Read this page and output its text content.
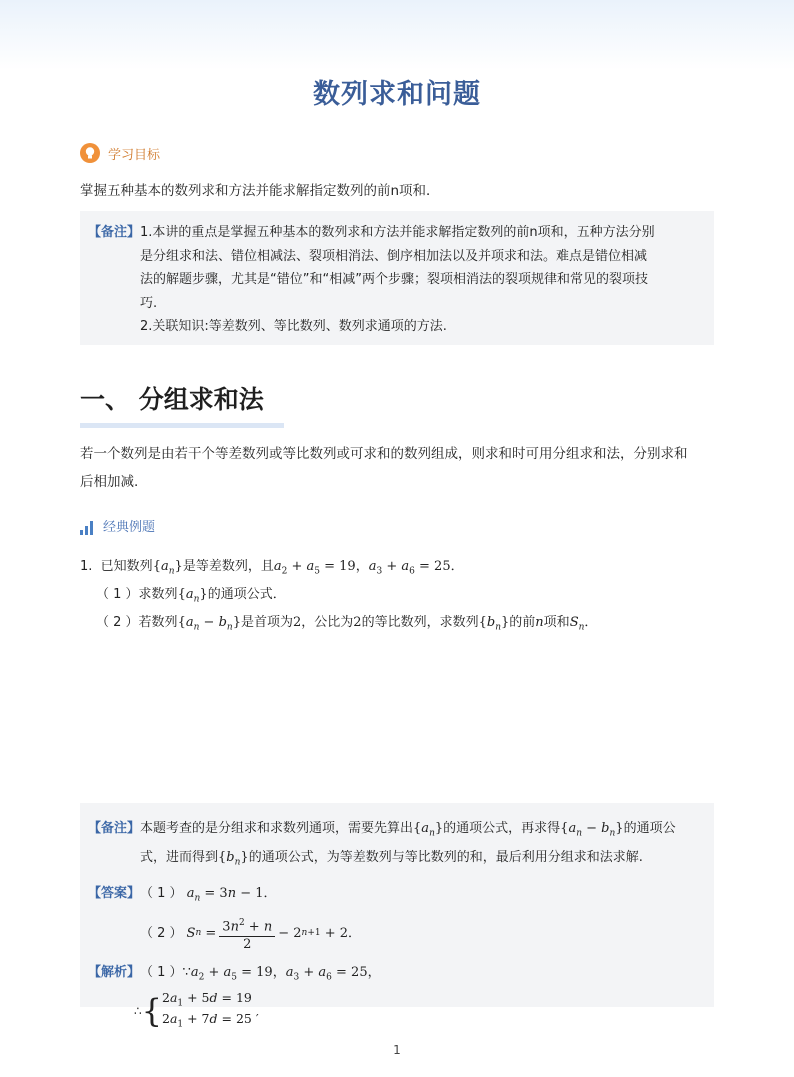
数列求和问题
学习目标
掌握五种基本的数列求和方法并能求解指定数列的前n项和．
【备注】 1.本讲的重点是掌握五种基本的数列求和方法并能求解指定数列的前n项和，五种方法分别
是分组求和法、错位相减法、裂项相消法、倒序相加法以及并项求和法。难点是错位相减
法的解题步骤，尤其是“错位”和“相减”两个步骤；裂项相消法的裂项规律和常见的裂项技
巧.
2.关联知识:等差数列、等比数列、数列求通项的方法.
一、 分组求和法
若一个数列是由若干个等差数列或等比数列或可求和的数列组成，则求和时可用分组求和法，分别求和
后相加减.
经典例题
1. 已知数列$\{a_n\}$是等差数列，且$a_2 + a_5 = 19$，$a_3 + a_6 = 25$．
（ 1 ）求数列$\{a_n\}$的通项公式．
（ 2 ）若数列$\{a_n - b_n\}$是首项为2，公比为2的等比数列，求数列$\{b_n\}$的前n项和$S_n$．
【备注】 本题考查的是分组求和求数列通项，需要先算出$\{a_n\}$的通项公式，再求得$\{a_n - b_n\}$的通项公
式，进而得到$\{b_n\}$的通项公式，为等差数列与等比数列的和，最后利用分组求和法求解.
【答案】 （ 1 ） $a_n = 3n - 1$．
（ 2 ） S $n = \frac{3n^2 + n}{2} - 2$ n+1 + 2 ．
【解析】 （ 1 ）$\because a_2 + a_5 = 19$，$a_3 + a_6 = 25$，
∴ { $2a_1 + 5d = 19$
$2a_1 + 7d = 25$ ′
1
